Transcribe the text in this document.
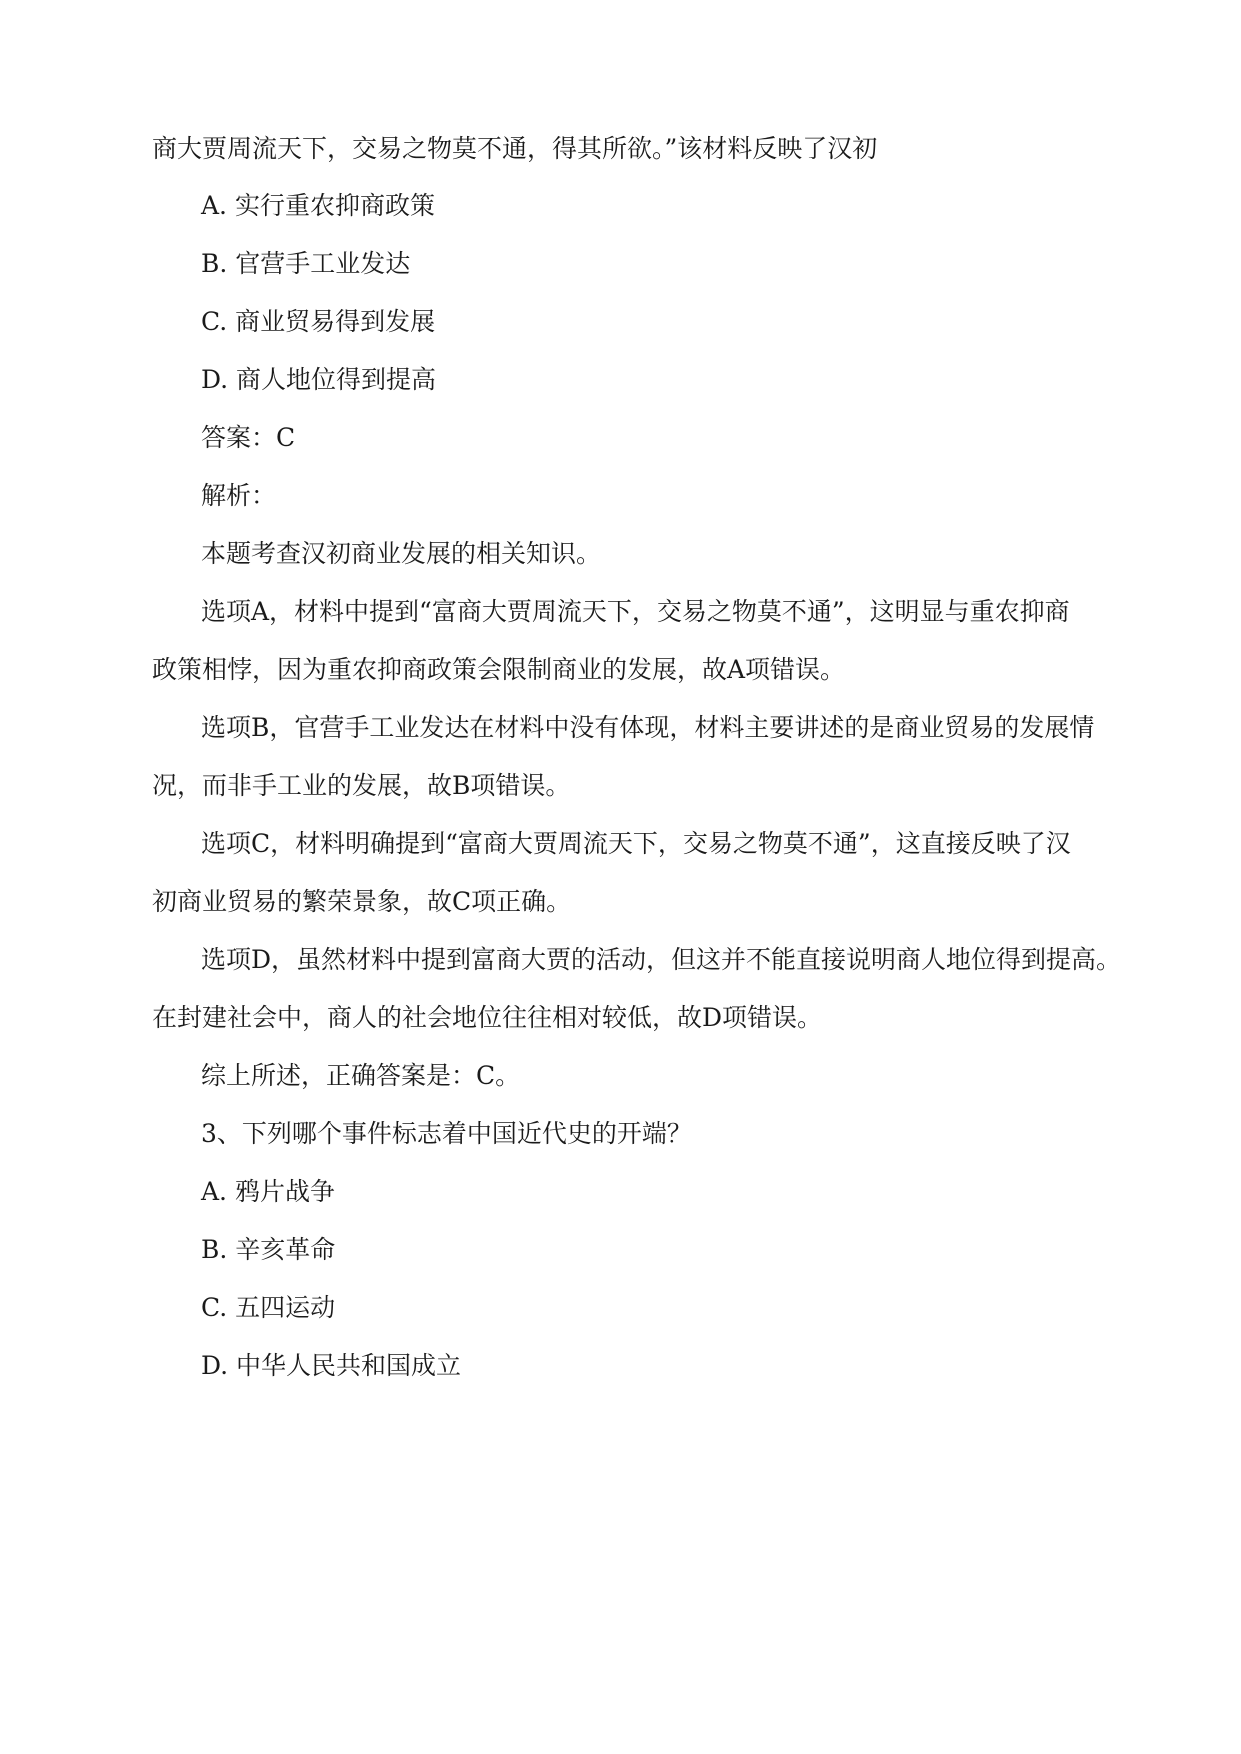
商大贾周流天下，交易之物莫不通，得其所欲。”该材料反映了汉初
A. 实行重农抑商政策
B. 官营手工业发达
C. 商业贸易得到发展
D. 商人地位得到提高
答案：C
解析：
本题考查汉初商业发展的相关知识。
选项A，材料中提到“富商大贾周流天下，交易之物莫不通”，这明显与重农抑商
政策相悖，因为重农抑商政策会限制商业的发展，故A项错误。
选项B，官营手工业发达在材料中没有体现，材料主要讲述的是商业贸易的发展情
况，而非手工业的发展，故B项错误。
选项C，材料明确提到“富商大贾周流天下，交易之物莫不通”，这直接反映了汉
初商业贸易的繁荣景象，故C项正确。
选项D，虽然材料中提到富商大贾的活动，但这并不能直接说明商人地位得到提高。
在封建社会中，商人的社会地位往往相对较低，故D项错误。
综上所述，正确答案是：C。
3、下列哪个事件标志着中国近代史的开端？
A. 鸦片战争
B. 辛亥革命
C. 五四运动
D. 中华人民共和国成立
